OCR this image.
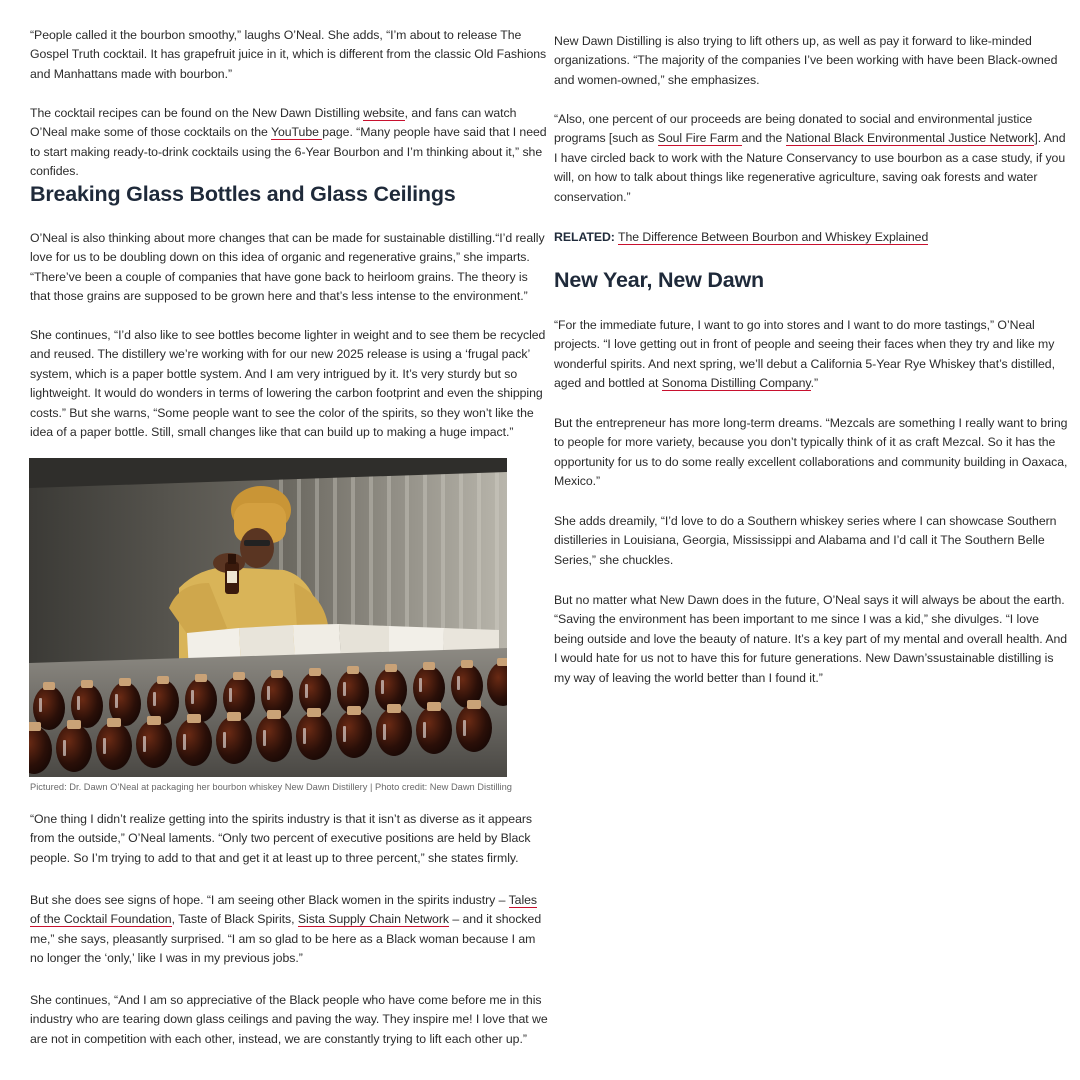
“People called it the bourbon smoothy,” laughs O’Neal. She adds, “I’m about to release The Gospel Truth cocktail. It has grapefruit juice in it, which is different from the classic Old Fashions and Manhattans made with bourbon.”

The cocktail recipes can be found on the New Dawn Distilling website, and fans can watch O’Neal make some of those cocktails on the YouTube page. “Many people have said that I need to start making ready-to-drink cocktails using the 6-Year Bourbon and I’m thinking about it,” she confides.

Breaking Glass Bottles and Glass Ceilings

O’Neal is also thinking about more changes that can be made for sustainable distilling.“I’d really love for us to be doubling down on this idea of organic and regenerative grains,” she imparts. “There’ve been a couple of companies that have gone back to heirloom grains. The theory is that those grains are supposed to be grown here and that’s less intense to the environment.”

She continues, “I’d also like to see bottles become lighter in weight and to see them be recycled and reused. The distillery we’re working with for our new 2025 release is using a ‘frugal pack’ system, which is a paper bottle system. And I am very intrigued by it. It’s very sturdy but so lightweight. It would do wonders in terms of lowering the carbon footprint and even the shipping costs.” But she warns, “Some people want to see the color of the spirits, so they won’t like the idea of a paper bottle. Still, small changes like that can build up to making a huge impact.”

Pictured: Dr. Dawn O’Neal at packaging her bourbon whiskey New Dawn Distillery | Photo credit: New Dawn Distilling

“One thing I didn’t realize getting into the spirits industry is that it isn’t as diverse as it appears from the outside,” O’Neal laments. “Only two percent of executive positions are held by Black people. So I’m trying to add to that and get it at least up to three percent,” she states firmly.

But she does see signs of hope. “I am seeing other Black women in the spirits industry – Tales of the Cocktail Foundation, Taste of Black Spirits, Sista Supply Chain Network – and it shocked me,” she says, pleasantly surprised. “I am so glad to be here as a Black woman because I am no longer the ‘only,’ like I was in my previous jobs.”

She continues, “And I am so appreciative of the Black people who have come before me in this industry who are tearing down glass ceilings and paving the way. They inspire me! I love that we are not in competition with each other, instead, we are constantly trying to lift each other up.”

New Dawn Distilling is also trying to lift others up, as well as pay it forward to like-minded organizations. “The majority of the companies I’ve been working with have been Black-owned and women-owned,” she emphasizes.

“Also, one percent of our proceeds are being donated to social and environmental justice programs [such as Soul Fire Farm and the National Black Environmental Justice Network]. And I have circled back to work with the Nature Conservancy to use bourbon as a case study, if you will, on how to talk about things like regenerative agriculture, saving oak forests and water conservation.”

RELATED: The Difference Between Bourbon and Whiskey Explained

New Year, New Dawn

“For the immediate future, I want to go into stores and I want to do more tastings,” O’Neal projects. “I love getting out in front of people and seeing their faces when they try and like my wonderful spirits. And next spring, we’ll debut a California 5-Year Rye Whiskey that’s distilled, aged and bottled at Sonoma Distilling Company.”

But the entrepreneur has more long-term dreams. “Mezcals are something I really want to bring to people for more variety, because you don’t typically think of it as craft Mezcal. So it has the opportunity for us to do some really excellent collaborations and community building in Oaxaca, Mexico.”

She adds dreamily, “I’d love to do a Southern whiskey series where I can showcase Southern distilleries in Louisiana, Georgia, Mississippi and Alabama and I’d call it The Southern Belle Series,” she chuckles.

But no matter what New Dawn does in the future, O’Neal says it will always be about the earth. “Saving the environment has been important to me since I was a kid,” she divulges. “I love being outside and love the beauty of nature. It’s a key part of my mental and overall health. And I would hate for us not to have this for future generations. New Dawn’ssustainable distilling is my way of leaving the world better than I found it.”
